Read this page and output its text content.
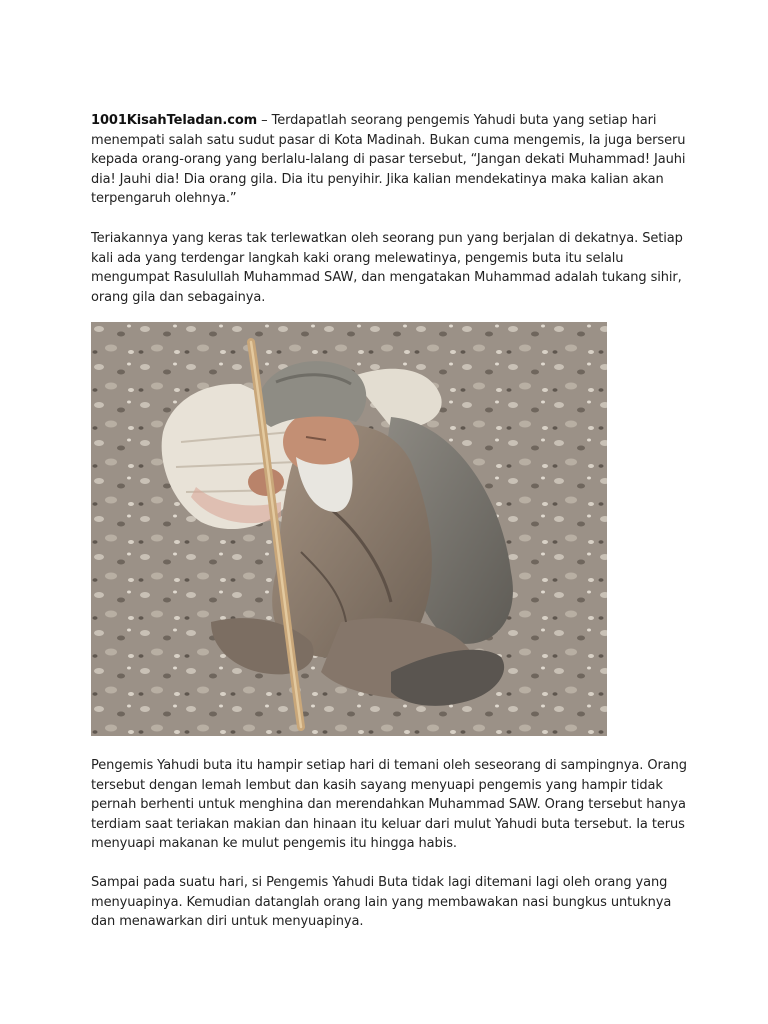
1001KisahTeladan.com – Terdapatlah seorang pengemis Yahudi buta yang setiap hari menempati salah satu sudut pasar di Kota Madinah. Bukan cuma mengemis, Ia juga berseru kepada orang-orang yang berlalu-lalang di pasar tersebut, “Jangan dekati Muhammad! Jauhi dia! Jauhi dia! Dia orang gila. Dia itu penyihir. Jika kalian mendekatinya maka kalian akan terpengaruh olehnya.”

Teriakannya yang keras tak terlewatkan oleh seorang pun yang berjalan di dekatnya. Setiap kali ada yang terdengar langkah kaki orang melewatinya, pengemis buta itu selalu mengumpat Rasulullah Muhammad SAW, dan mengatakan Muhammad adalah tukang sihir, orang gila dan sebagainya.

Pengemis Yahudi buta itu hampir setiap hari di temani oleh seseorang di sampingnya. Orang tersebut dengan lemah lembut dan kasih sayang menyuapi pengemis yang hampir tidak pernah berhenti untuk menghina dan merendahkan Muhammad SAW. Orang tersebut hanya terdiam saat teriakan makian dan hinaan itu keluar dari mulut Yahudi buta tersebut. Ia terus menyuapi makanan ke mulut pengemis itu hingga habis.

Sampai pada suatu hari, si Pengemis Yahudi Buta tidak lagi ditemani lagi oleh orang yang menyuapinya. Kemudian datanglah orang lain yang membawakan nasi bungkus untuknya dan menawarkan diri untuk menyuapinya.
